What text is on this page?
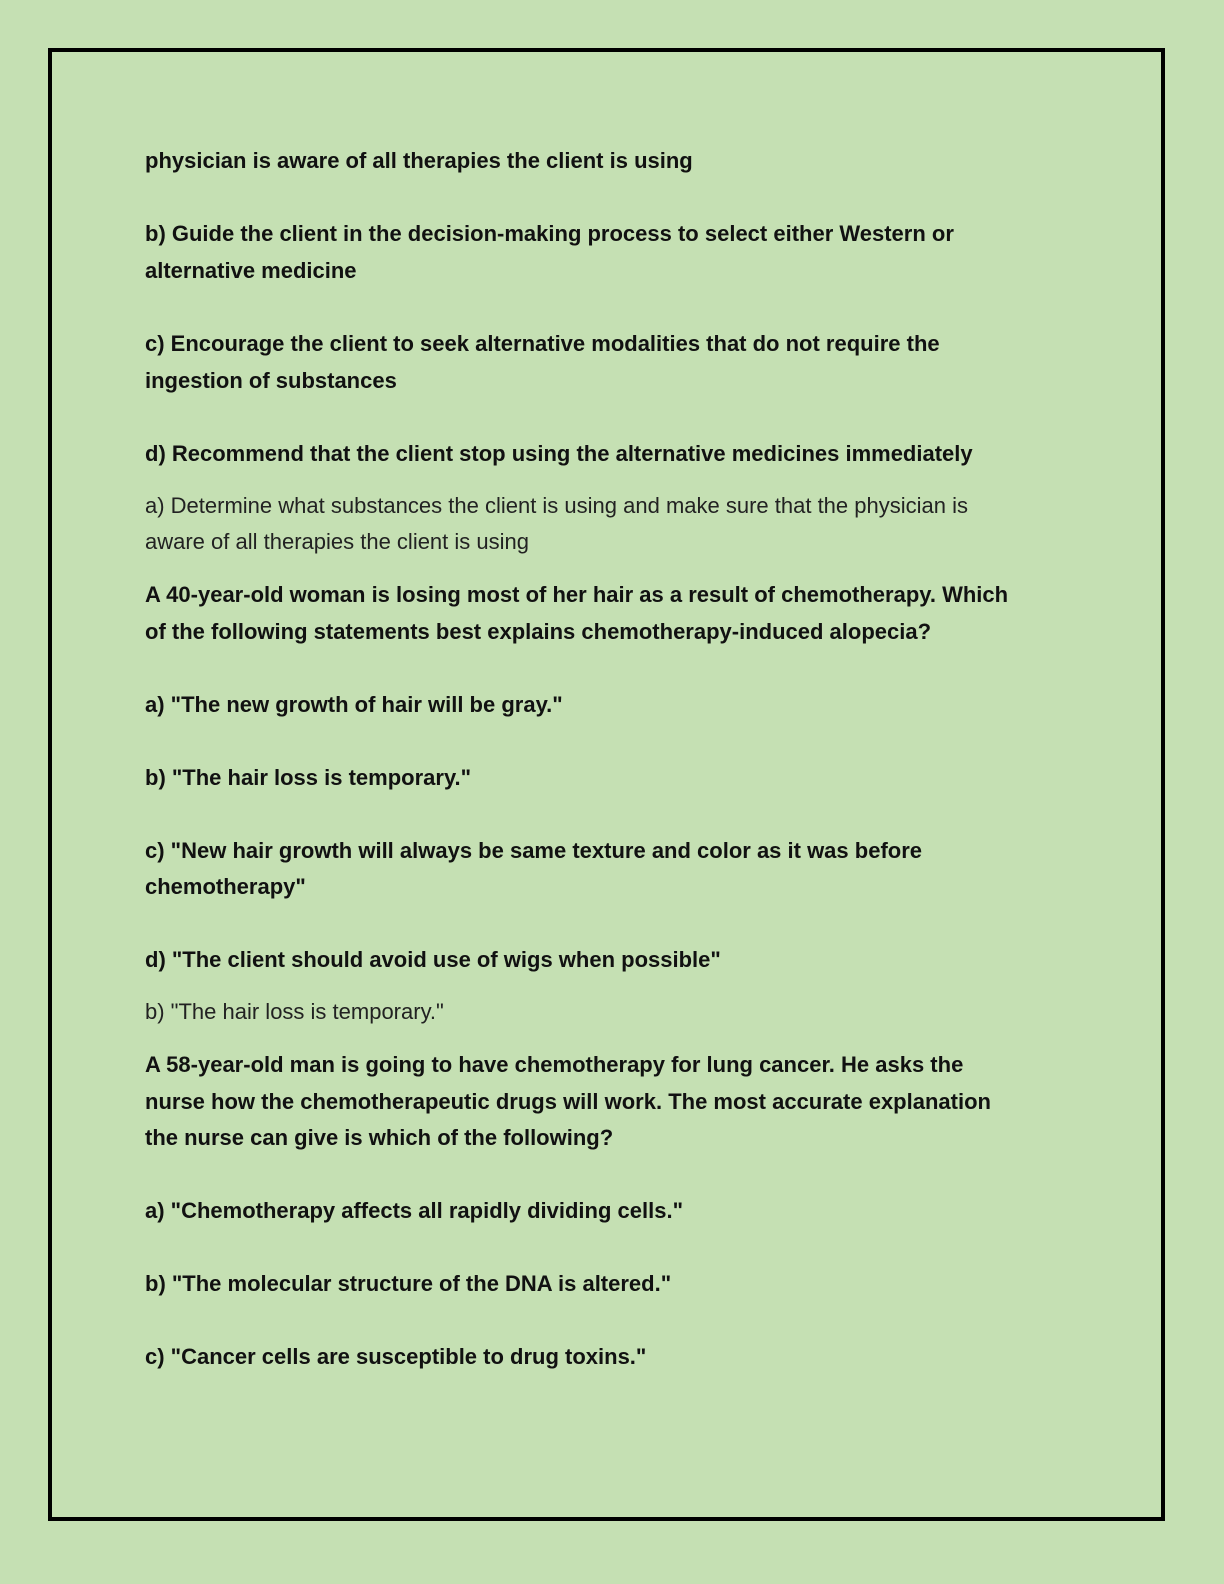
physician is aware of all therapies the client is using
b) Guide the client in the decision-making process to select either Western or
alternative medicine
c) Encourage the client to seek alternative modalities that do not require the
ingestion of substances
d) Recommend that the client stop using the alternative medicines immediately
a) Determine what substances the client is using and make sure that the physician is
aware of all therapies the client is using
A 40-year-old woman is losing most of her hair as a result of chemotherapy. Which
of the following statements best explains chemotherapy-induced alopecia?
a) "The new growth of hair will be gray."
b) "The hair loss is temporary."
c) "New hair growth will always be same texture and color as it was before
chemotherapy"
d) "The client should avoid use of wigs when possible"
b) "The hair loss is temporary."
A 58-year-old man is going to have chemotherapy for lung cancer. He asks the
nurse how the chemotherapeutic drugs will work. The most accurate explanation
the nurse can give is which of the following?
a) "Chemotherapy affects all rapidly dividing cells."
b) "The molecular structure of the DNA is altered."
c) "Cancer cells are susceptible to drug toxins."
